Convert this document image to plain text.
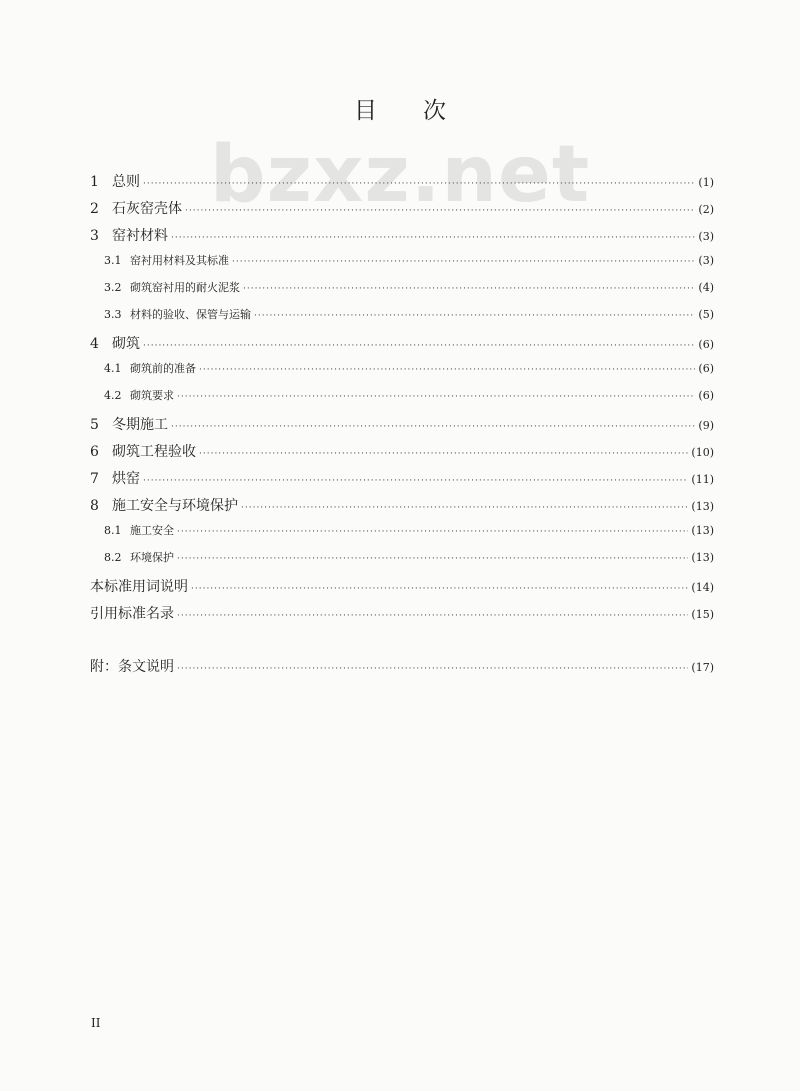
目 次
bzxz.net
1 总则 ·····	(1)
2 石灰窑壳体 ·····	(2)
3 窑衬材料 ·····	(3)
3.1 窑衬用材料及其标准 ·····	(3)
3.2 砌筑窑衬用的耐火泥浆 ·····	(4)
3.3 材料的验收、保管与运输 ·····	(5)
4 砌筑 ·····	(6)
4.1 砌筑前的准备 ·····	(6)
4.2 砌筑要求 ·····	(6)
5 冬期施工 ·····	(9)
6 砌筑工程验收 ·····	(10)
7 烘窑 ·····	(11)
8 施工安全与环境保护 ·····	(13)
8.1 施工安全 ·····	(13)
8.2 环境保护 ·····	(13)
本标准用词说明 ·····	(14)
引用标准名录 ·····	(15)
附：条文说明 ·····	(17)
II
